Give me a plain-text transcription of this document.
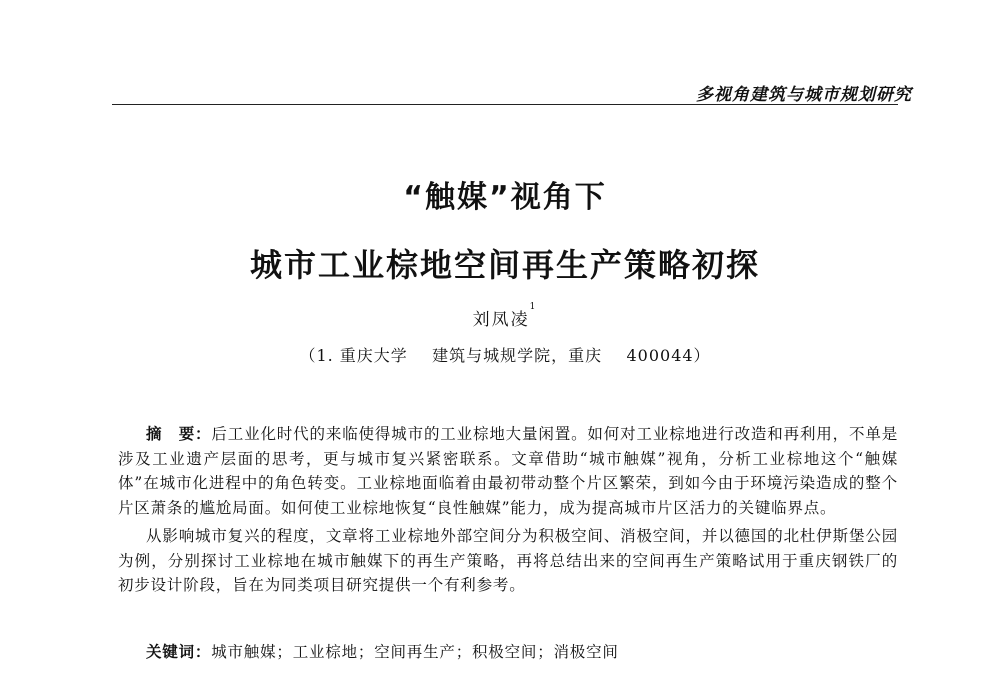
多视角建筑与城市规划研究
“触媒”视角下
城市工业棕地空间再生产策略初探
刘凤凌$^1$
（1. 重庆大学    建筑与城规学院，重庆    400044）

摘　要：后工业化时代的来临使得城市的工业棕地大量闲置。如何对工业棕地进行改造和再利用，不单是涉及工业遗产层面的思考，更与城市复兴紧密联系。文章借助“城市触媒”视角，分析工业棕地这个“触媒体”在城市化进程中的角色转变。工业棕地面临着由最初带动整个片区繁荣，到如今由于环境污染造成的整个片区萧条的尴尬局面。如何使工业棕地恢复“良性触媒”能力，成为提高城市片区活力的关键临界点。

从影响城市复兴的程度，文章将工业棕地外部空间分为积极空间、消极空间，并以德国的北杜伊斯堡公园为例，分别探讨工业棕地在城市触媒下的再生产策略，再将总结出来的空间再生产策略试用于重庆钢铁厂的初步设计阶段，旨在为同类项目研究提供一个有利参考。

关键词：城市触媒；工业棕地；空间再生产；积极空间；消极空间
